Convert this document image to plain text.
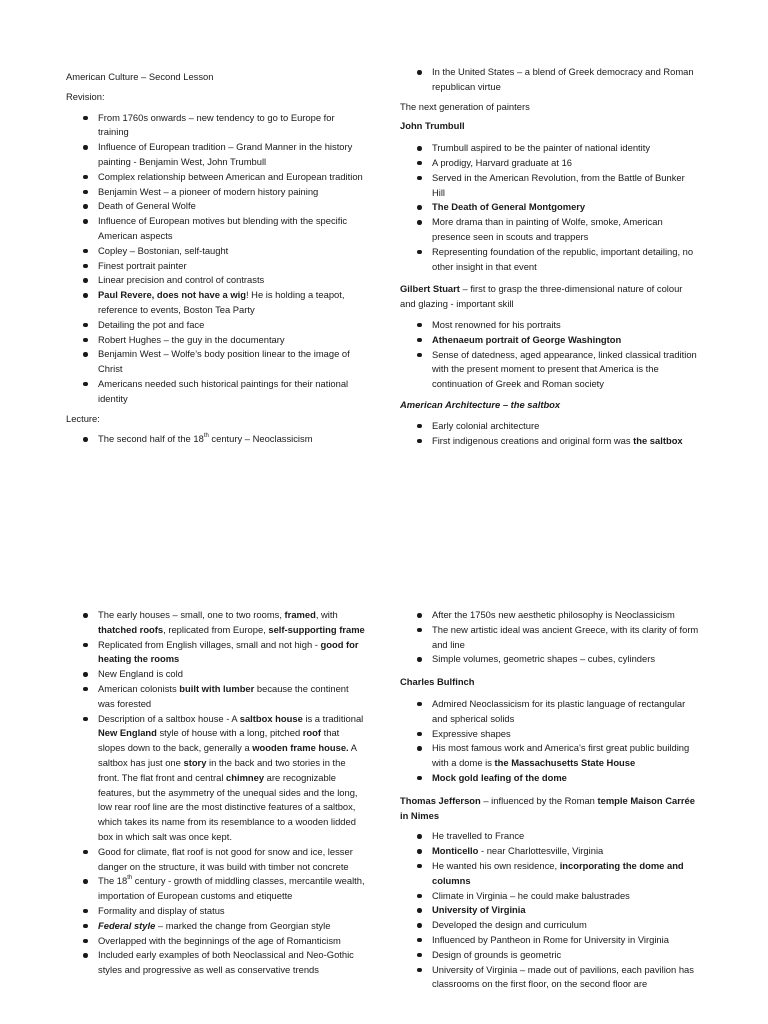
American Culture – Second Lesson

Revision:

From 1760s onwards – new tendency to go to Europe for training
Influence of European tradition – Grand Manner in the history painting - Benjamin West, John Trumbull
Complex relationship between American and European tradition
Benjamin West – a pioneer of modern history paining
Death of General Wolfe
Influence of European motives but blending with the specific American aspects
Copley – Bostonian, self-taught
Finest portrait painter
Linear precision and control of contrasts
Paul Revere, does not have a wig! He is holding a teapot, reference to events, Boston Tea Party
Detailing the pot and face
Robert Hughes – the guy in the documentary
Benjamin West – Wolfe’s body position linear to the image of Christ
Americans needed such historical paintings for their national identity

Lecture:

The second half of the 18th century – Neoclassicism
In the United States – a blend of Greek democracy and Roman republican virtue

The next generation of painters

John Trumbull

Trumbull aspired to be the painter of national identity
A prodigy, Harvard graduate at 16
Served in the American Revolution, from the Battle of Bunker Hill
The Death of General Montgomery
More drama than in painting of Wolfe, smoke, American presence seen in scouts and trappers
Representing foundation of the republic, important detailing, no other insight in that event

Gilbert Stuart – first to grasp the three-dimensional nature of colour and glazing - important skill

Most renowned for his portraits
Athenaeum portrait of George Washington
Sense of datedness, aged appearance, linked classical tradition with the present moment to present that America is the continuation of Greek and Roman society

American Architecture – the saltbox

Early colonial architecture
First indigenous creations and original form was the saltbox
The early houses – small, one to two rooms, framed, with thatched roofs, replicated from Europe, self-supporting frame
Replicated from English villages, small and not high - good for heating the rooms
New England is cold
American colonists built with lumber because the continent was forested
Description of a saltbox house - A saltbox house is a traditional New England style of house with a long, pitched roof that slopes down to the back, generally a wooden frame house. A saltbox has just one story in the back and two stories in the front. The flat front and central chimney are recognizable features, but the asymmetry of the unequal sides and the long, low rear roof line are the most distinctive features of a saltbox, which takes its name from its resemblance to a wooden lidded box in which salt was once kept.
Good for climate, flat roof is not good for snow and ice, lesser danger on the structure, it was build with timber not concrete
The 18th century - growth of middling classes, mercantile wealth, importation of European customs and etiquette
Formality and display of status
Federal style – marked the change from Georgian style
Overlapped with the beginnings of the age of Romanticism
Included early examples of both Neoclassical and Neo-Gothic styles and progressive as well as conservative trends
After the 1750s new aesthetic philosophy is Neoclassicism
The new artistic ideal was ancient Greece, with its clarity of form and line
Simple volumes, geometric shapes – cubes, cylinders

Charles Bulfinch

Admired Neoclassicism for its plastic language of rectangular and spherical solids
Expressive shapes
His most famous work and America’s first great public building with a dome is the Massachusetts State House
Mock gold leafing of the dome

Thomas Jefferson – influenced by the Roman temple Maison Carrée in Nimes

He travelled to France
Monticello - near Charlottesville, Virginia
He wanted his own residence, incorporating the dome and columns
Climate in Virginia – he could make balustrades
University of Virginia
Developed the design and curriculum
Influenced by Pantheon in Rome for University in Virginia
Design of grounds is geometric
University of Virginia – made out of pavilions, each pavilion has classrooms on the first floor, on the second floor are
